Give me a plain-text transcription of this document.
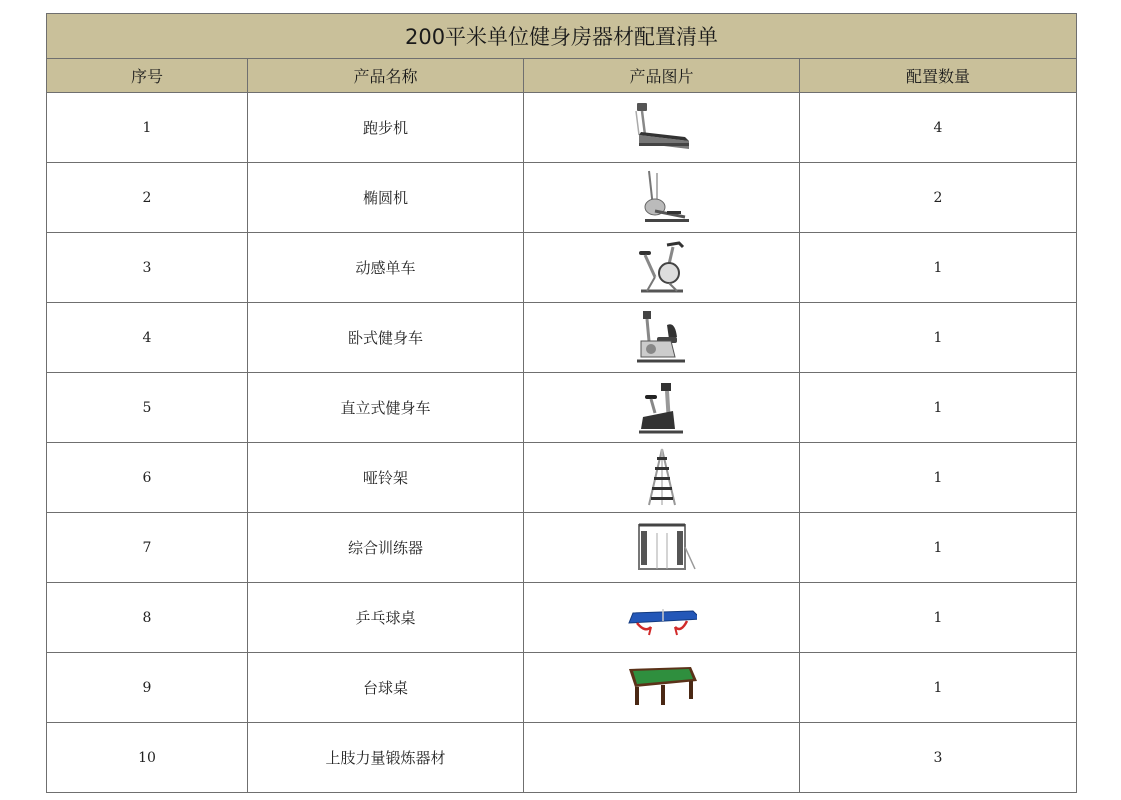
200平米单位健身房器材配置清单			
序号	产品名称	产品图片	配置数量
1	跑步机		4
2	椭圆机		2
3	动感单车		1
4	卧式健身车		1
5	直立式健身车		1
6	哑铃架		1
7	综合训练器		1
8	乒乓球桌		1
9	台球桌		1
10	上肢力量锻炼器材		3
